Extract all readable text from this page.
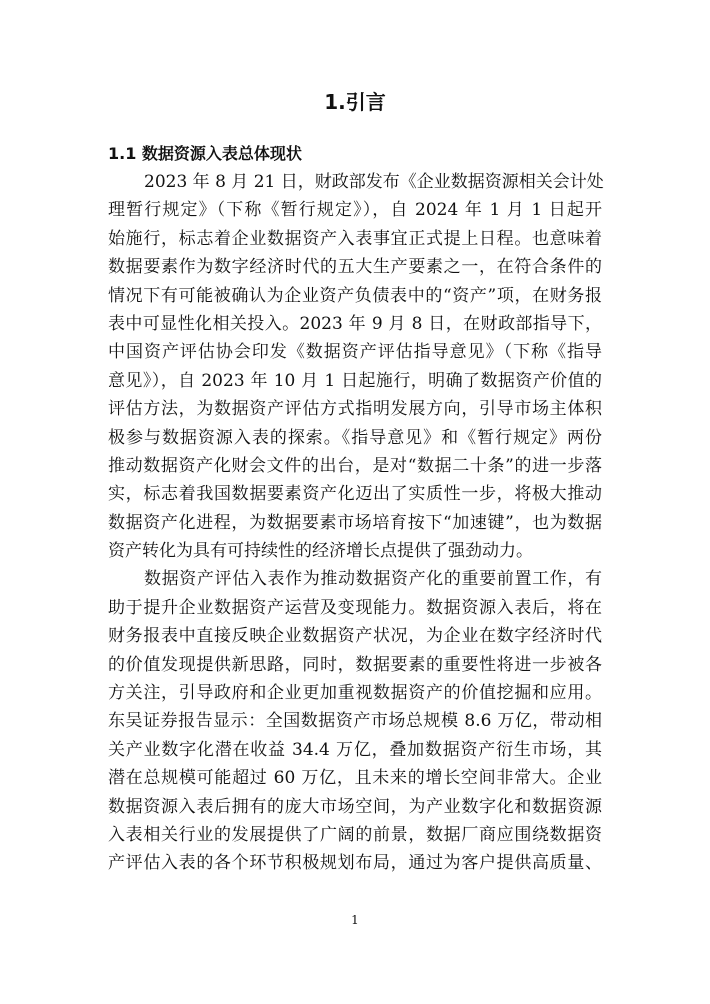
1.引言
1.1 数据资源入表总体现状
2023 年 8 月 21 日，财政部发布《企业数据资源相关会计处
理暂行规定》（下称《暂行规定》），自 2024 年 1 月 1 日起开
始施行，标志着企业数据资产入表事宜正式提上日程。也意味着
数据要素作为数字经济时代的五大生产要素之一，在符合条件的
情况下有可能被确认为企业资产负债表中的“资产”项，在财务报
表中可显性化相关投入。2023 年 9 月 8 日，在财政部指导下，
中国资产评估协会印发《数据资产评估指导意见》（下称《指导
意见》），自 2023 年 10 月 1 日起施行，明确了数据资产价值的
评估方法，为数据资产评估方式指明发展方向，引导市场主体积
极参与数据资源入表的探索。《指导意见》和《暂行规定》两份
推动数据资产化财会文件的出台，是对“数据二十条”的进一步落
实，标志着我国数据要素资产化迈出了实质性一步，将极大推动
数据资产化进程，为数据要素市场培育按下“加速键”，也为数据
资产转化为具有可持续性的经济增长点提供了强劲动力。
数据资产评估入表作为推动数据资产化的重要前置工作，有
助于提升企业数据资产运营及变现能力。数据资源入表后，将在
财务报表中直接反映企业数据资产状况，为企业在数字经济时代
的价值发现提供新思路，同时，数据要素的重要性将进一步被各
方关注，引导政府和企业更加重视数据资产的价值挖掘和应用。
东吴证券报告显示：全国数据资产市场总规模 8.6 万亿，带动相
关产业数字化潜在收益 34.4 万亿，叠加数据资产衍生市场，其
潜在总规模可能超过 60 万亿，且未来的增长空间非常大。企业
数据资源入表后拥有的庞大市场空间，为产业数字化和数据资源
入表相关行业的发展提供了广阔的前景，数据厂商应围绕数据资
产评估入表的各个环节积极规划布局，通过为客户提供高质量、
1
